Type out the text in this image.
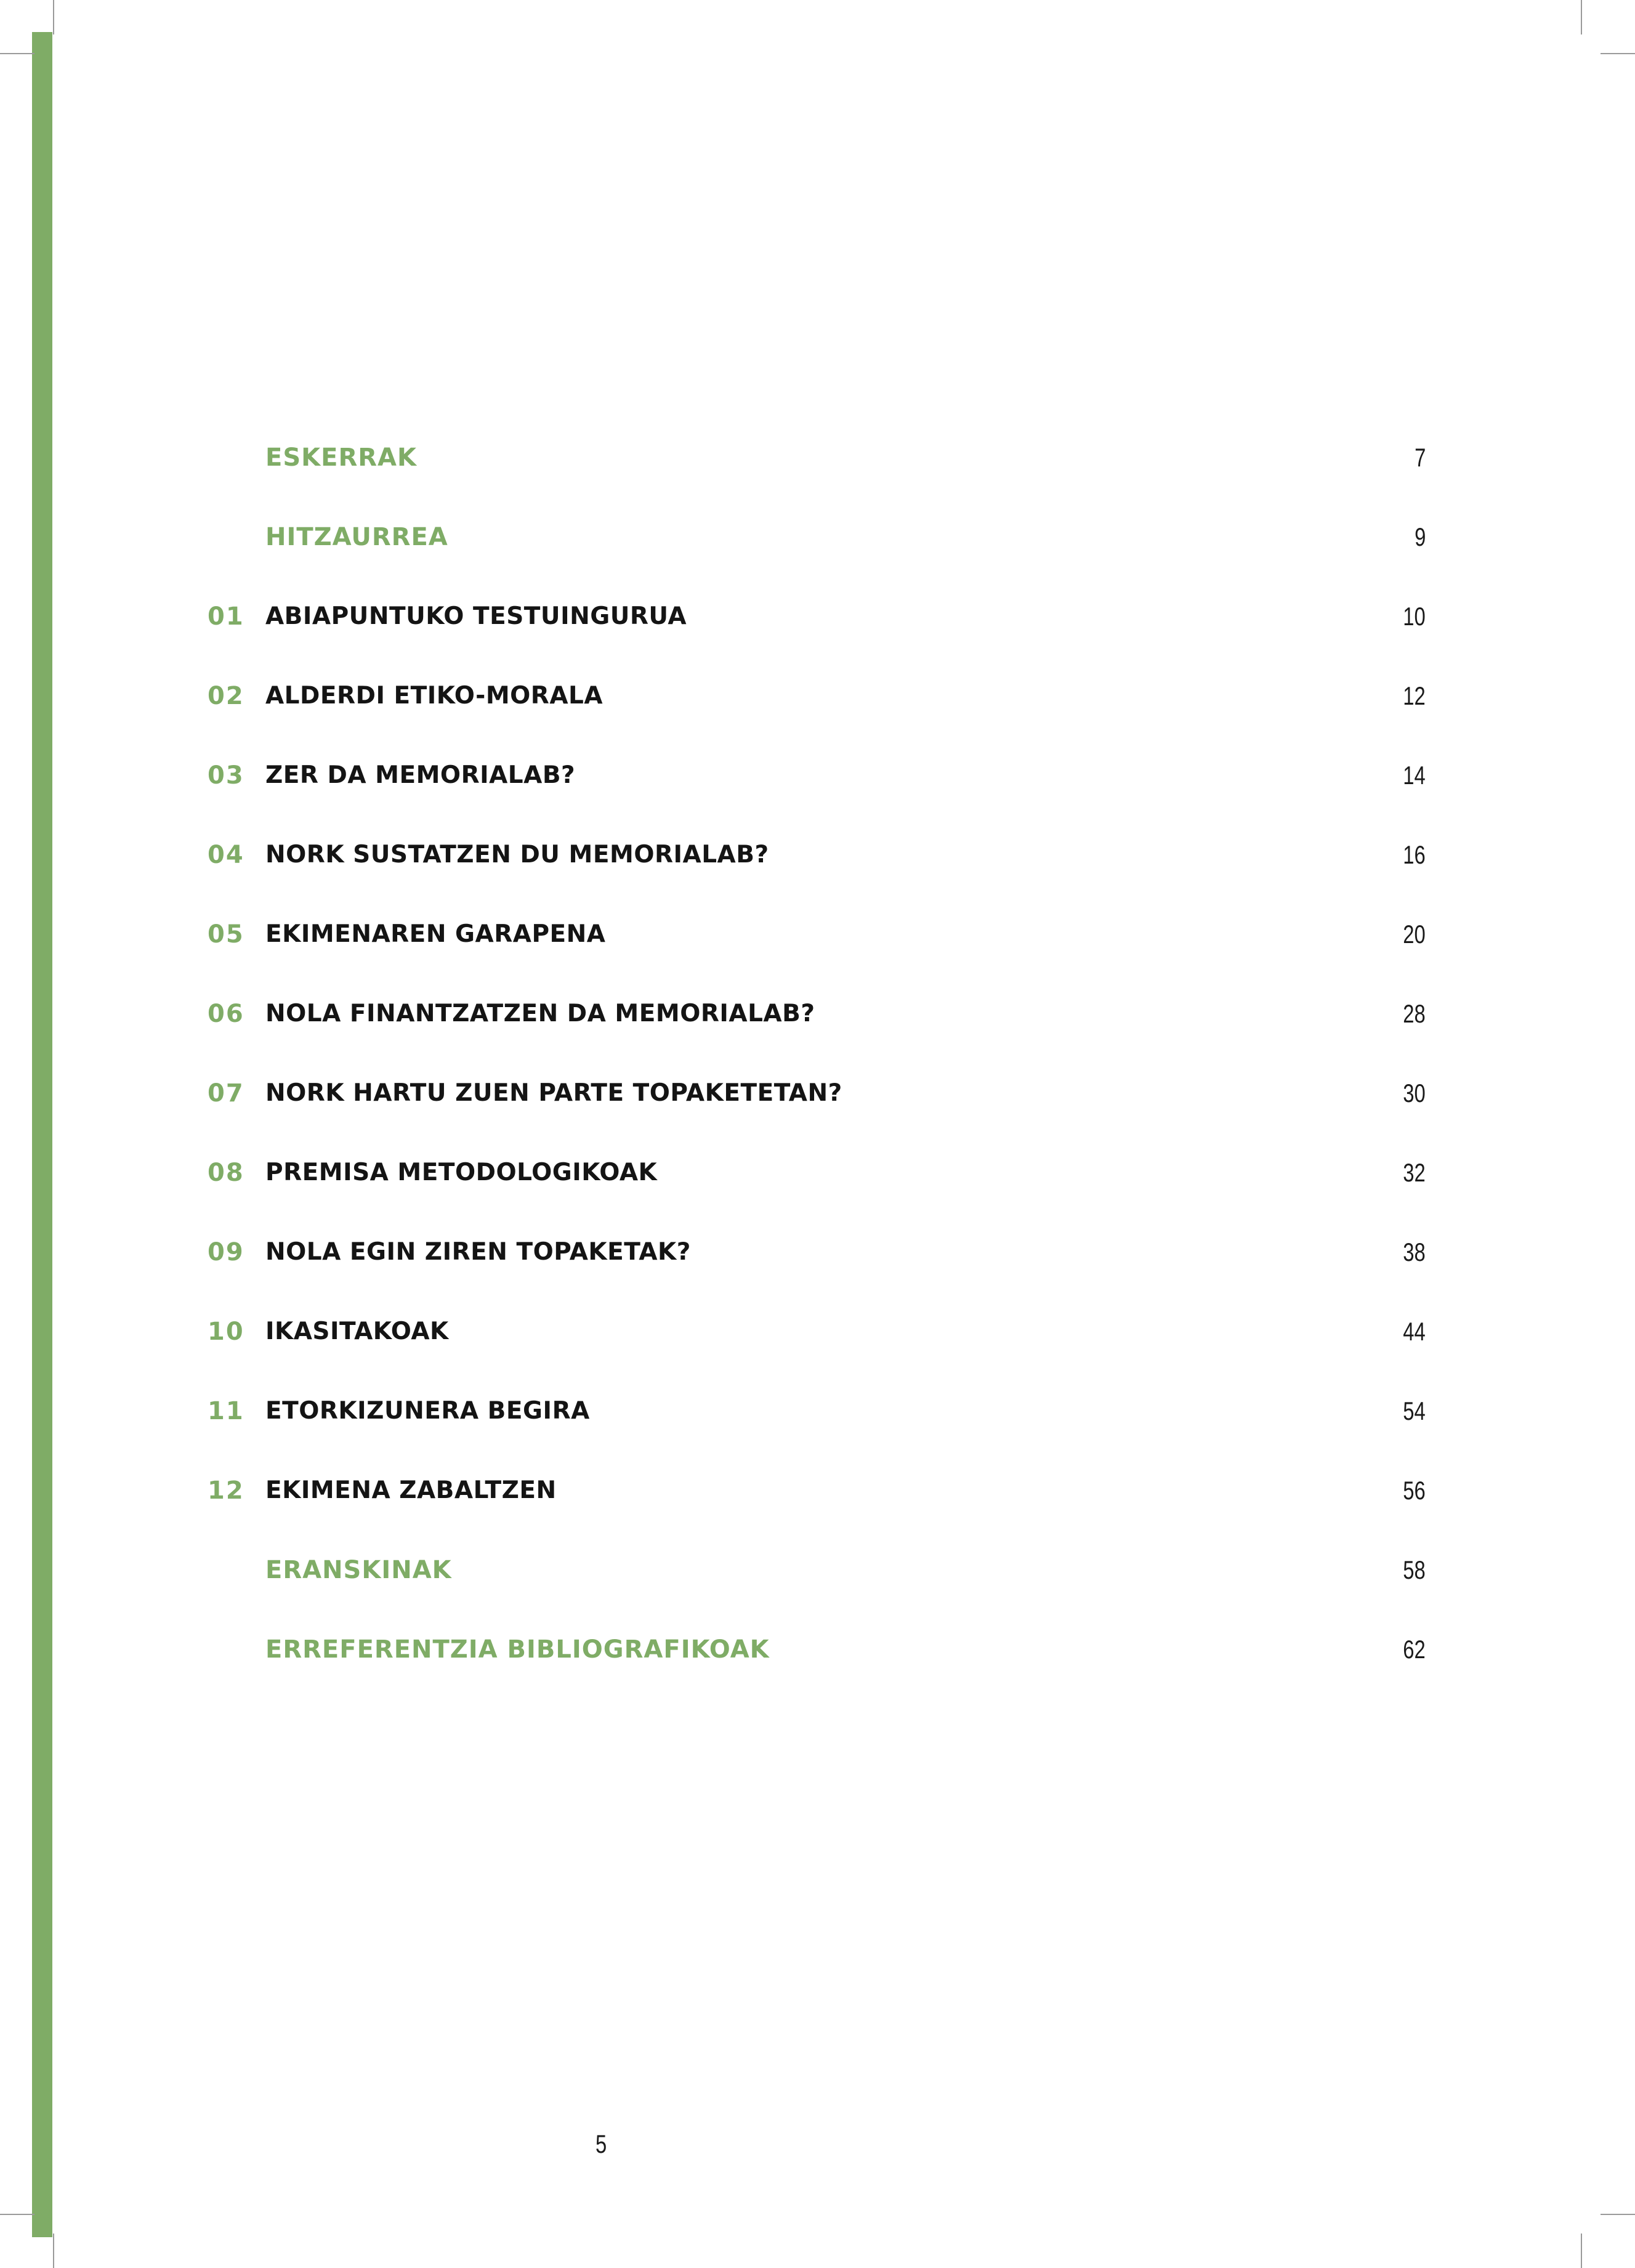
ESKERRAK	7
HITZAURREA	9
01 ABIAPUNTUKO TESTUINGURUA	10
02 ALDERDI ETIKO-MORALA	12
03 ZER DA MEMORIALAB?	14
04 NORK SUSTATZEN DU MEMORIALAB?	16
05 EKIMENAREN GARAPENA	20
06 NOLA FINANTZATZEN DA MEMORIALAB?	28
07 NORK HARTU ZUEN PARTE TOPAKETETAN?	30
08 PREMISA METODOLOGIKOAK	32
09 NOLA EGIN ZIREN TOPAKETAK?	38
10 IKASITAKOAK	44
11 ETORKIZUNERA BEGIRA	54
12 EKIMENA ZABALTZEN	56
ERANSKINAK	58
ERREFERENTZIA BIBLIOGRAFIKOAK	62
5
